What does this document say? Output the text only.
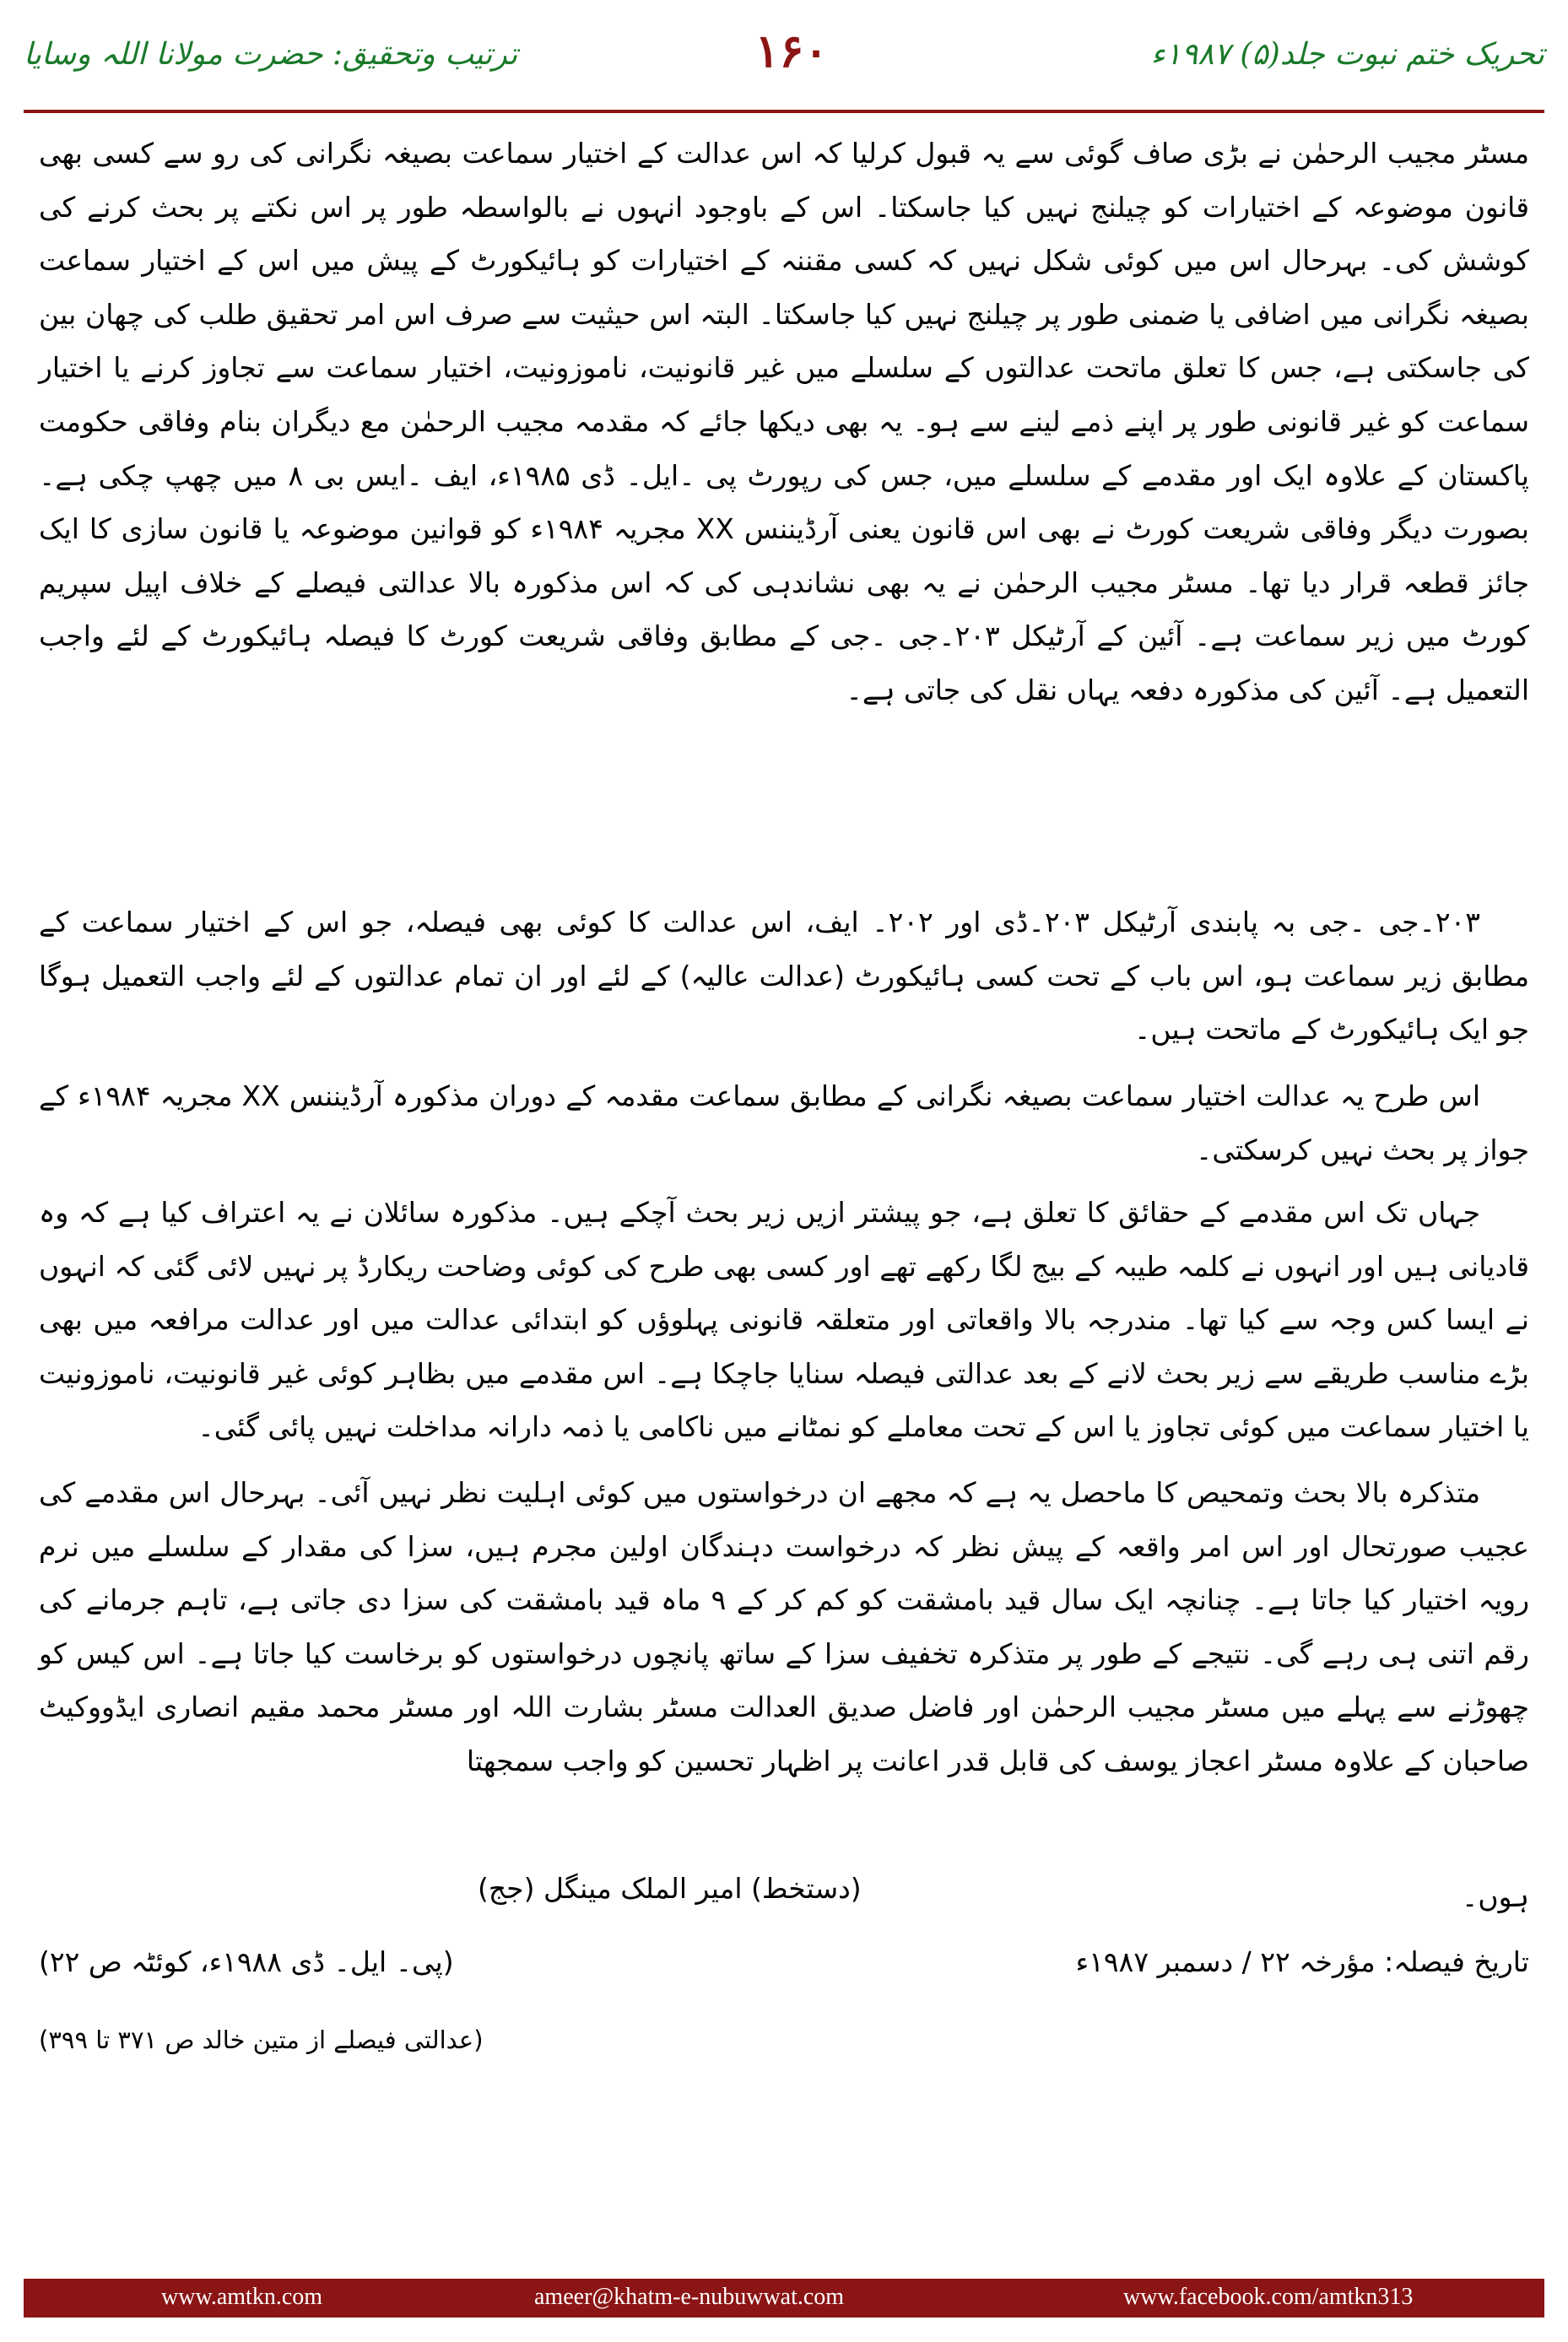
تحریک ختم نبوت جلد(۵) ۱۹۸۷ء
۱۶۰
ترتیب وتحقیق: حضرت مولانا اللہ وسایا

مسٹر مجیب الرحمٰن نے بڑی صاف گوئی سے یہ قبول کرلیا کہ اس عدالت کے اختیار سماعت بصیغہ نگرانی کی رو سے کسی بھی قانون موضوعہ کے اختیارات کو چیلنج نہیں کیا جاسکتا۔ اس کے باوجود انہوں نے بالواسطہ طور پر اس نکتے پر بحث کرنے کی کوشش کی۔ بہرحال اس میں کوئی شکل نہیں کہ کسی مقننہ کے اختیارات کو ہائیکورٹ کے پیش میں اس کے اختیار سماعت بصیغہ نگرانی میں اضافی یا ضمنی طور پر چیلنج نہیں کیا جاسکتا۔ البتہ اس حیثیت سے صرف اس امر تحقیق طلب کی چھان بین کی جاسکتی ہے، جس کا تعلق ماتحت عدالتوں کے سلسلے میں غیر قانونیت، ناموزونیت، اختیار سماعت سے تجاوز کرنے یا اختیار سماعت کو غیر قانونی طور پر اپنے ذمے لینے سے ہو۔ یہ بھی دیکھا جائے کہ مقدمہ مجیب الرحمٰن مع دیگران بنام وفاقی حکومت پاکستان کے علاوہ ایک اور مقدمے کے سلسلے میں، جس کی رپورٹ پی ۔ایل۔ ڈی ۱۹۸۵ء، ایف ۔ایس بی ۸ میں چھپ چکی ہے۔ بصورت دیگر وفاقی شریعت کورٹ نے بھی اس قانون یعنی آرڈیننس XX مجریہ ۱۹۸۴ء کو قوانین موضوعہ یا قانون سازی کا ایک جائز قطعہ قرار دیا تھا۔ مسٹر مجیب الرحمٰن نے یہ بھی نشاندہی کی کہ اس مذکورہ بالا عدالتی فیصلے کے خلاف اپیل سپریم کورٹ میں زیر سماعت ہے۔ آئین کے آرٹیکل ۲۰۳۔جی ۔جی کے مطابق وفاقی شریعت کورٹ کا فیصلہ ہائیکورٹ کے لئے واجب التعمیل ہے۔ آئین کی مذکورہ دفعہ یہاں نقل کی جاتی ہے۔

۲۰۳۔جی ۔جی بہ پابندی آرٹیکل ۲۰۳۔ڈی اور ۲۰۲۔ ایف، اس عدالت کا کوئی بھی فیصلہ، جو اس کے اختیار سماعت کے مطابق زیر سماعت ہو، اس باب کے تحت کسی ہائیکورٹ (عدالت عالیہ) کے لئے اور ان تمام عدالتوں کے لئے واجب التعمیل ہوگا جو ایک ہائیکورٹ کے ماتحت ہیں۔

اس طرح یہ عدالت اختیار سماعت بصیغہ نگرانی کے مطابق سماعت مقدمہ کے دوران مذکورہ آرڈیننس XX مجریہ ۱۹۸۴ء کے جواز پر بحث نہیں کرسکتی۔

جہاں تک اس مقدمے کے حقائق کا تعلق ہے، جو پیشتر ازیں زیر بحث آچکے ہیں۔ مذکورہ سائلان نے یہ اعتراف کیا ہے کہ وہ قادیانی ہیں اور انہوں نے کلمہ طیبہ کے بیج لگا رکھے تھے اور کسی بھی طرح کی کوئی وضاحت ریکارڈ پر نہیں لائی گئی کہ انہوں نے ایسا کس وجہ سے کیا تھا۔ مندرجہ بالا واقعاتی اور متعلقہ قانونی پہلوؤں کو ابتدائی عدالت میں اور عدالت مرافعہ میں بھی بڑے مناسب طریقے سے زیر بحث لانے کے بعد عدالتی فیصلہ سنایا جاچکا ہے۔ اس مقدمے میں بظاہر کوئی غیر قانونیت، ناموزونیت یا اختیار سماعت میں کوئی تجاوز یا اس کے تحت معاملے کو نمٹانے میں ناکامی یا ذمہ دارانہ مداخلت نہیں پائی گئی۔

متذکرہ بالا بحث وتمحیص کا ماحصل یہ ہے کہ مجھے ان درخواستوں میں کوئی اہلیت نظر نہیں آئی۔ بہرحال اس مقدمے کی عجیب صورتحال اور اس امر واقعہ کے پیش نظر کہ درخواست دہندگان اولین مجرم ہیں، سزا کی مقدار کے سلسلے میں نرم رویہ اختیار کیا جاتا ہے۔ چنانچہ ایک سال قید بامشقت کو کم کر کے ۹ ماہ قید بامشقت کی سزا دی جاتی ہے، تاہم جرمانے کی رقم اتنی ہی رہے گی۔ نتیجے کے طور پر متذکرہ تخفیف سزا کے ساتھ پانچوں درخواستوں کو برخاست کیا جاتا ہے۔ اس کیس کو چھوڑنے سے پہلے میں مسٹر مجیب الرحمٰن اور فاضل صدیق العدالت مسٹر بشارت اللہ اور مسٹر محمد مقیم انصاری ایڈووکیٹ صاحبان کے علاوہ مسٹر اعجاز یوسف کی قابل قدر اعانت پر اظہار تحسین کو واجب سمجھتا

ہوں۔
(دستخط) امیر الملک مینگل (جج)
تاریخ فیصلہ: مؤرخہ ۲۲ / دسمبر ۱۹۸۷ء
(پی۔ ایل۔ ڈی ۱۹۸۸ء، کوئٹہ ص ۲۲)
(عدالتی فیصلے از متین خالد ص ۳۷۱ تا ۳۹۹)
www.amtkn.com	ameer@khatm-e-nubuwwat.com	www.facebook.com/amtkn313
